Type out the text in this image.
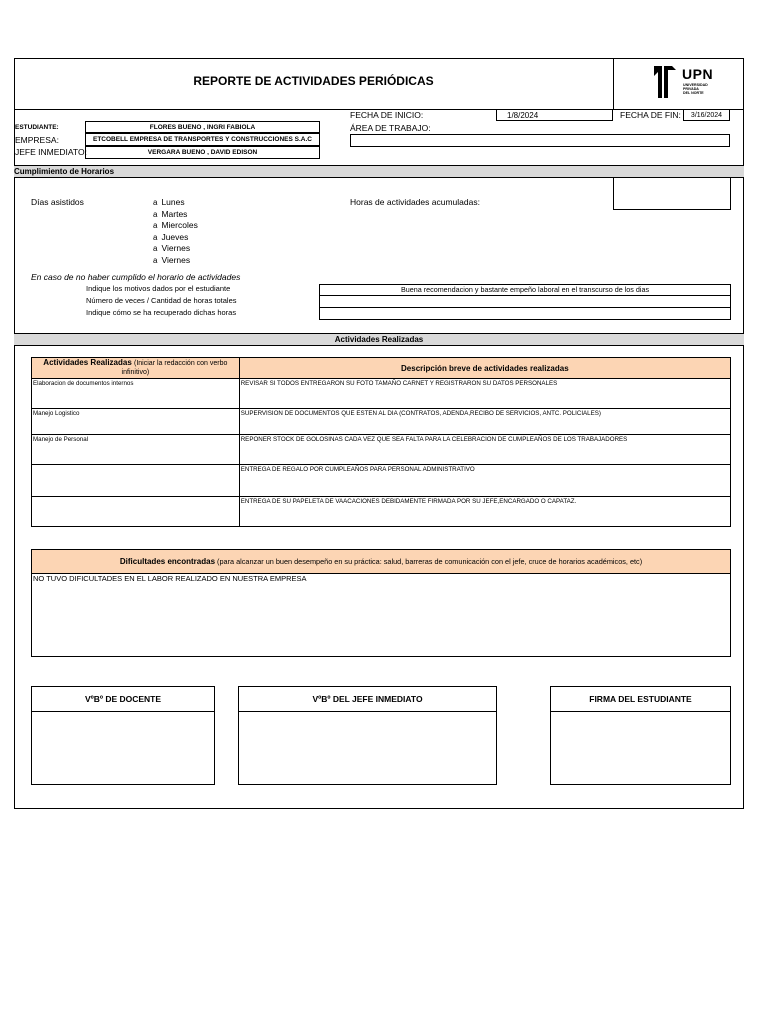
REPORTE DE ACTIVIDADES PERIÓDICAS	UPN
UNIVERSIDAD
PRIVADA
DEL NORTE
ESTUDIANTE:	FLORES BUENO , INGRI FABIOLA
EMPRESA:	ETCOBELL EMPRESA DE TRANSPORTES Y CONSTRUCCIONES S.A.C
JEFE INMEDIATO:	VERGARA BUENO , DAVID EDISON
FECHA DE INICIO:	1/8/2024	FECHA DE FIN:	3/16/2024
ÁREA DE TRABAJO:
Cumplimiento de Horarios
Días asistidos	a Lunes
a Martes
a Miercoles
a Jueves
a Viernes
a Viernes
Horas de actividades acumuladas:
En caso de no haber cumplido el horario de actividades
Indique los motivos dados por el estudiante
Número de veces / Cantidad de horas totales
Indique cómo se ha recuperado dichas horas
Buena recomendacion y bastante empeño laboral en el transcurso de los dias
Actividades Realizadas
Actividades Realizadas (Iniciar la redacción con verbo infinitivo)	Descripción breve de actividades realizadas
Elaboracion de documentos internos	REVISAR SI TODOS ENTREGARON SU FOTO TAMAÑO CARNET Y REGISTRARON SU DATOS PERSONALES
Manejo Logistico	SUPERVISION DE DOCUMENTOS QUE ESTEN AL DIA (CONTRATOS, ADENDA,RECIBO DE SERVICIOS, ANTC. POLICIALES)
Manejo de Personal	REPONER STOCK DE GOLOSINAS CADA VEZ QUE SEA FALTA PARA LA CELEBRACION DE CUMPLEAÑOS DE LOS TRABAJADORES
	ENTREGA DE REGALO POR CUMPLEAÑOS PARA PERSONAL ADMINISTRATIVO
	ENTREGA DE SU PAPELETA DE VAACACIONES DEBIDAMENTE FIRMADA POR SU JEFE,ENCARGADO O CAPATAZ.
Dificultades encontradas (para alcanzar un buen desempeño en su práctica: salud, barreras de comunicación con el jefe, cruce de horarios académicos, etc)
NO TUVO DIFICULTADES EN EL LABOR REALIZADO EN NUESTRA EMPRESA
VºBº DE DOCENTE	VºBº DEL JEFE INMEDIATO	FIRMA DEL ESTUDIANTE
